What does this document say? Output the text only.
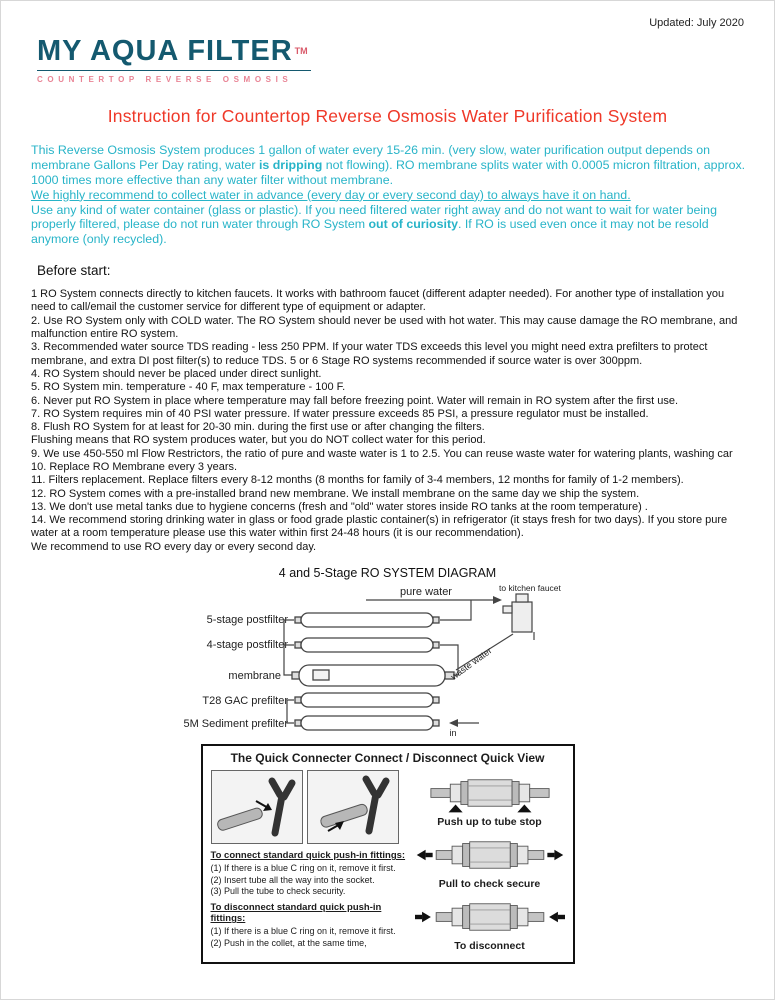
Updated: July 2020
MY AQUA FILTER ™
COUNTERTOP REVERSE OSMOSIS
Instruction for Countertop Reverse Osmosis Water Purification System

This Reverse Osmosis System produces 1 gallon of water every 15-26 min. (very slow, water purification output depends on membrane Gallons Per Day rating, water is dripping not flowing). RO membrane splits water with 0.0005 micron filtration, approx. 1000 times more effective than any water filter without membrane.

We highly recommend to collect water in advance (every day or every second day) to always have it on hand.

Use any kind of water container (glass or plastic). If you need filtered water right away and do not want to wait for water being properly filtered, please do not run water through RO System out of curiosity. If RO is used even once it may not be resold anymore (only recycled).

Before start:
1 RO System connects directly to kitchen faucets. It works with bathroom faucet (different adapter needed). For another type of installation you need to call/email the customer service for different type of equipment or adapter.
2. Use RO System only with COLD water. The RO System should never be used with hot water. This may cause damage the RO membrane, and malfunction entire RO system.
3. Recommended water source TDS reading - less 250 PPM. If your water TDS exceeds this level you might need extra prefilters to protect membrane, and extra DI post filter(s) to reduce TDS. 5 or 6 Stage RO systems recommended if source water is over 300ppm.
4. RO System should never be placed under direct sunlight.
5. RO System min. temperature - 40 F, max temperature - 100 F.
6. Never put RO System in place where temperature may fall before freezing point. Water will remain in RO system after the first use.
7. RO System requires min of 40 PSI water pressure. If water pressure exceeds 85 PSI, a pressure regulator must be installed.
8. Flush RO System for at least for 20-30 min. during the first use or after changing the filters.
Flushing means that RO system produces water, but you do NOT collect water for this period.
9. We use 450-550 ml Flow Restrictors, the ratio of pure and waste water is 1 to 2.5. You can reuse waste water for watering plants, washing car
10. Replace RO Membrane every 3 years.
11. Filters replacement. Replace filters every 8-12 months (8 months for family of 3-4 members, 12 months for family of 1-2 members).
12. RO System comes with a pre-installed brand new membrane. We install membrane on the same day we ship the system.
13. We don't use metal tanks due to hygiene concerns (fresh and "old" water stores inside RO tanks at the room temperature) .
14. We recommend storing drinking water in glass or food grade plastic container(s) in refrigerator (it stays fresh for two days). If you store pure water at a room temperature please use this water within first 24-48 hours (it is our recommendation).
We recommend to use RO every day or every second day.
4 and 5-Stage RO SYSTEM DIAGRAM
5-stage postfilter
4-stage postfilter
membrane
T28 GAC prefilter
5M Sediment prefilter
pure water	to kitchen faucet
waste water
in
The Quick Connecter Connect / Disconnect Quick View
To connect standard quick push-in fittings:
(1) If there is a blue C ring on it, remove it first.
(2) Insert tube all the way into the socket.
(3) Pull the tube to check security.
To disconnect standard quick push-in fittings:
(1) If there is a blue C ring on it, remove it first.
(2) Push in the collet, at the same time,
Push up to tube stop
Pull to check secure
To disconnect
